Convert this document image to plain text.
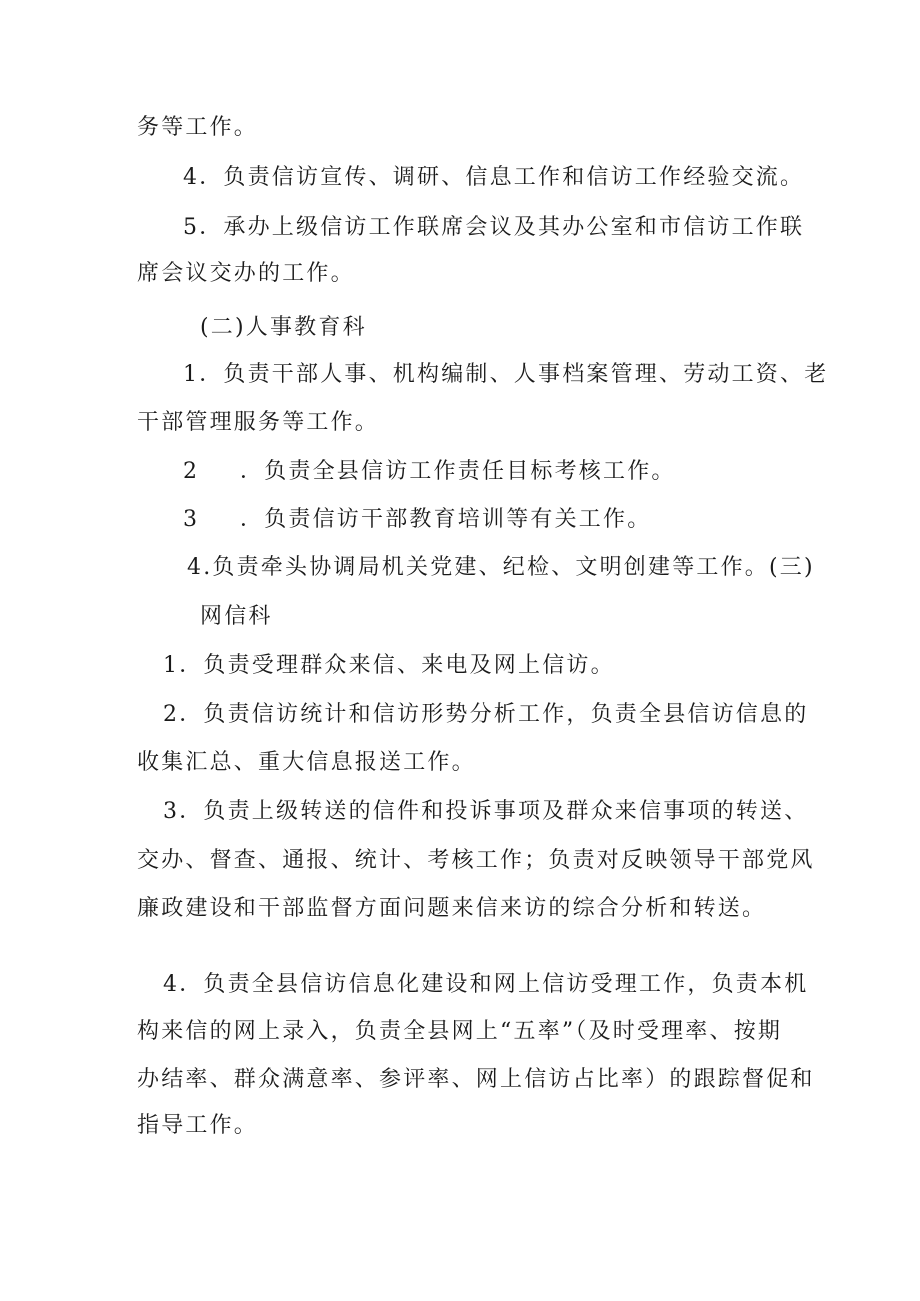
务等工作。
4．负责信访宣传、调研、信息工作和信访工作经验交流。
5．承办上级信访工作联席会议及其办公室和市信访工作联
席会议交办的工作。
(二)人事教育科
1．负责干部人事、机构编制、人事档案管理、劳动工资、老
干部管理服务等工作。
2 ．负责全县信访工作责任目标考核工作。
3 ．负责信访干部教育培训等有关工作。
4.负责牵头协调局机关党建、纪检、文明创建等工作。(三)
网信科
1．负责受理群众来信、来电及网上信访。
2．负责信访统计和信访形势分析工作，负责全县信访信息的
收集汇总、重大信息报送工作。
3．负责上级转送的信件和投诉事项及群众来信事项的转送、
交办、督查、通报、统计、考核工作；负责对反映领导干部党风
廉政建设和干部监督方面问题来信来访的综合分析和转送。
4．负责全县信访信息化建设和网上信访受理工作，负责本机
构来信的网上录入，负责全县网上“五率”（及时受理率、按期
办结率、群众满意率、参评率、网上信访占比率）的跟踪督促和
指导工作。
